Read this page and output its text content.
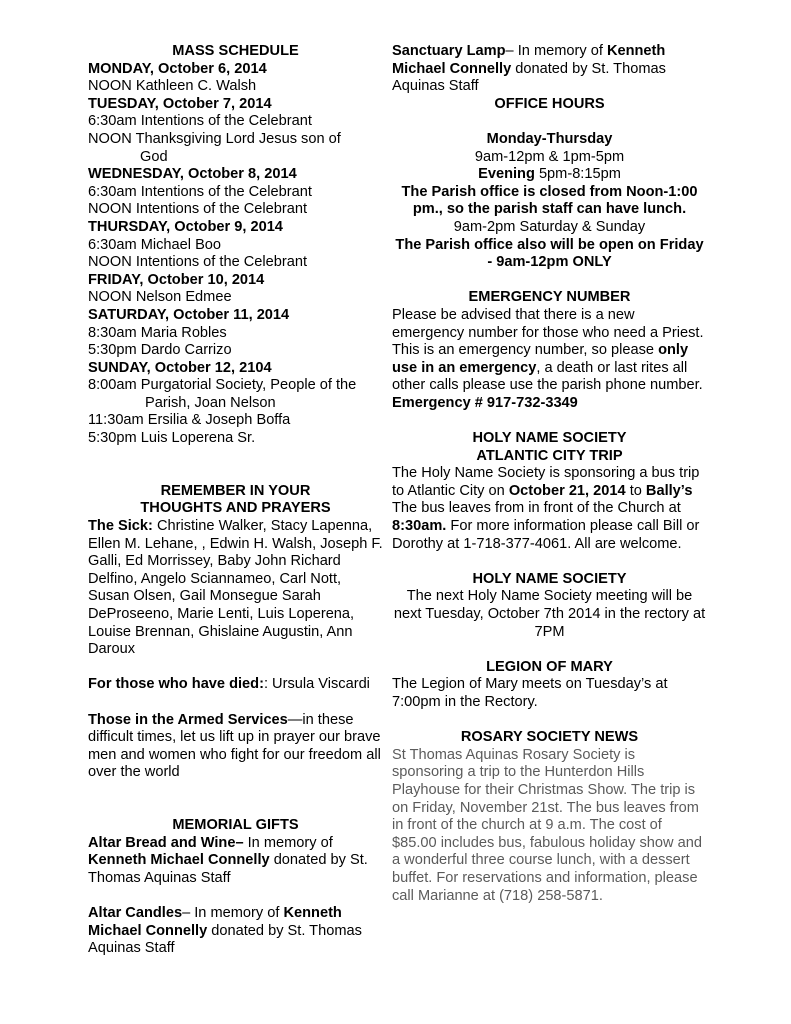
MASS SCHEDULE
MONDAY, October 6, 2014
NOON Kathleen C. Walsh
TUESDAY, October 7, 2014
6:30am Intentions of the Celebrant
NOON Thanksgiving Lord Jesus son of
God
WEDNESDAY, October 8, 2014
6:30am Intentions of the Celebrant
NOON Intentions of the Celebrant
THURSDAY, October 9, 2014
6:30am Michael Boo
NOON Intentions of the Celebrant
FRIDAY, October 10, 2014
NOON Nelson Edmee
SATURDAY, October 11, 2014
8:30am Maria Robles
5:30pm Dardo Carrizo
SUNDAY, October 12, 2104
8:00am Purgatorial Society, People of the
Parish, Joan Nelson
11:30am Ersilia & Joseph Boffa
5:30pm Luis Loperena Sr.
REMEMBER IN YOUR
THOUGHTS AND PRAYERS

The Sick: Christine Walker, Stacy Lapenna, Ellen M. Lehane, , Edwin H. Walsh, Joseph F. Galli, Ed Morrissey, Baby John Richard Delfino, Angelo Sciannameo, Carl Nott, Susan Olsen, Gail Monsegue Sarah DeProseeno, Marie Lenti, Luis Loperena, Louise Brennan, Ghislaine Augustin, Ann Daroux

For those who have died:: Ursula Viscardi

Those in the Armed Services—in these difficult times, let us lift up in prayer our brave men and women who fight for our freedom all over the world

MEMORIAL GIFTS

Altar Bread and Wine– In memory of Kenneth Michael Connelly donated by St. Thomas Aquinas Staff

Altar Candles– In memory of Kenneth Michael Connelly donated by St. Thomas Aquinas Staff

Sanctuary Lamp– In memory of Kenneth Michael Connelly donated by St. Thomas Aquinas Staff

OFFICE HOURS
Monday-Thursday
9am-12pm & 1pm-5pm
Evening 5pm-8:15pm
The Parish office is closed from Noon-1:00 pm., so the parish staff can have lunch.
9am-2pm Saturday & Sunday
The Parish office also will be open on Friday - 9am-12pm ONLY
EMERGENCY NUMBER

Please be advised that there is a new emergency number for those who need a Priest. This is an emergency number, so please only use in an emergency, a death or last rites all other calls please use the parish phone number. Emergency # 917-732-3349

HOLY NAME SOCIETY
ATLANTIC CITY TRIP

The Holy Name Society is sponsoring a bus trip to Atlantic City on October 21, 2014 to Bally’s The bus leaves from in front of the Church at 8:30am. For more information please call Bill or Dorothy at 1-718-377-4061. All are welcome.

HOLY NAME SOCIETY
The next Holy Name Society meeting will be next Tuesday, October 7th 2014 in the rectory at 7PM
LEGION OF MARY
The Legion of Mary meets on Tuesday’s at 7:00pm in the Rectory.
ROSARY SOCIETY NEWS
St Thomas Aquinas Rosary Society is sponsoring a trip to the Hunterdon Hills Playhouse for their Christmas Show. The trip is on Friday, November 21st. The bus leaves from in front of the church at 9 a.m. The cost of $85.00 includes bus, fabulous holiday show and a wonderful three course lunch, with a dessert buffet. For reservations and information, please call Marianne at (718) 258-5871.
